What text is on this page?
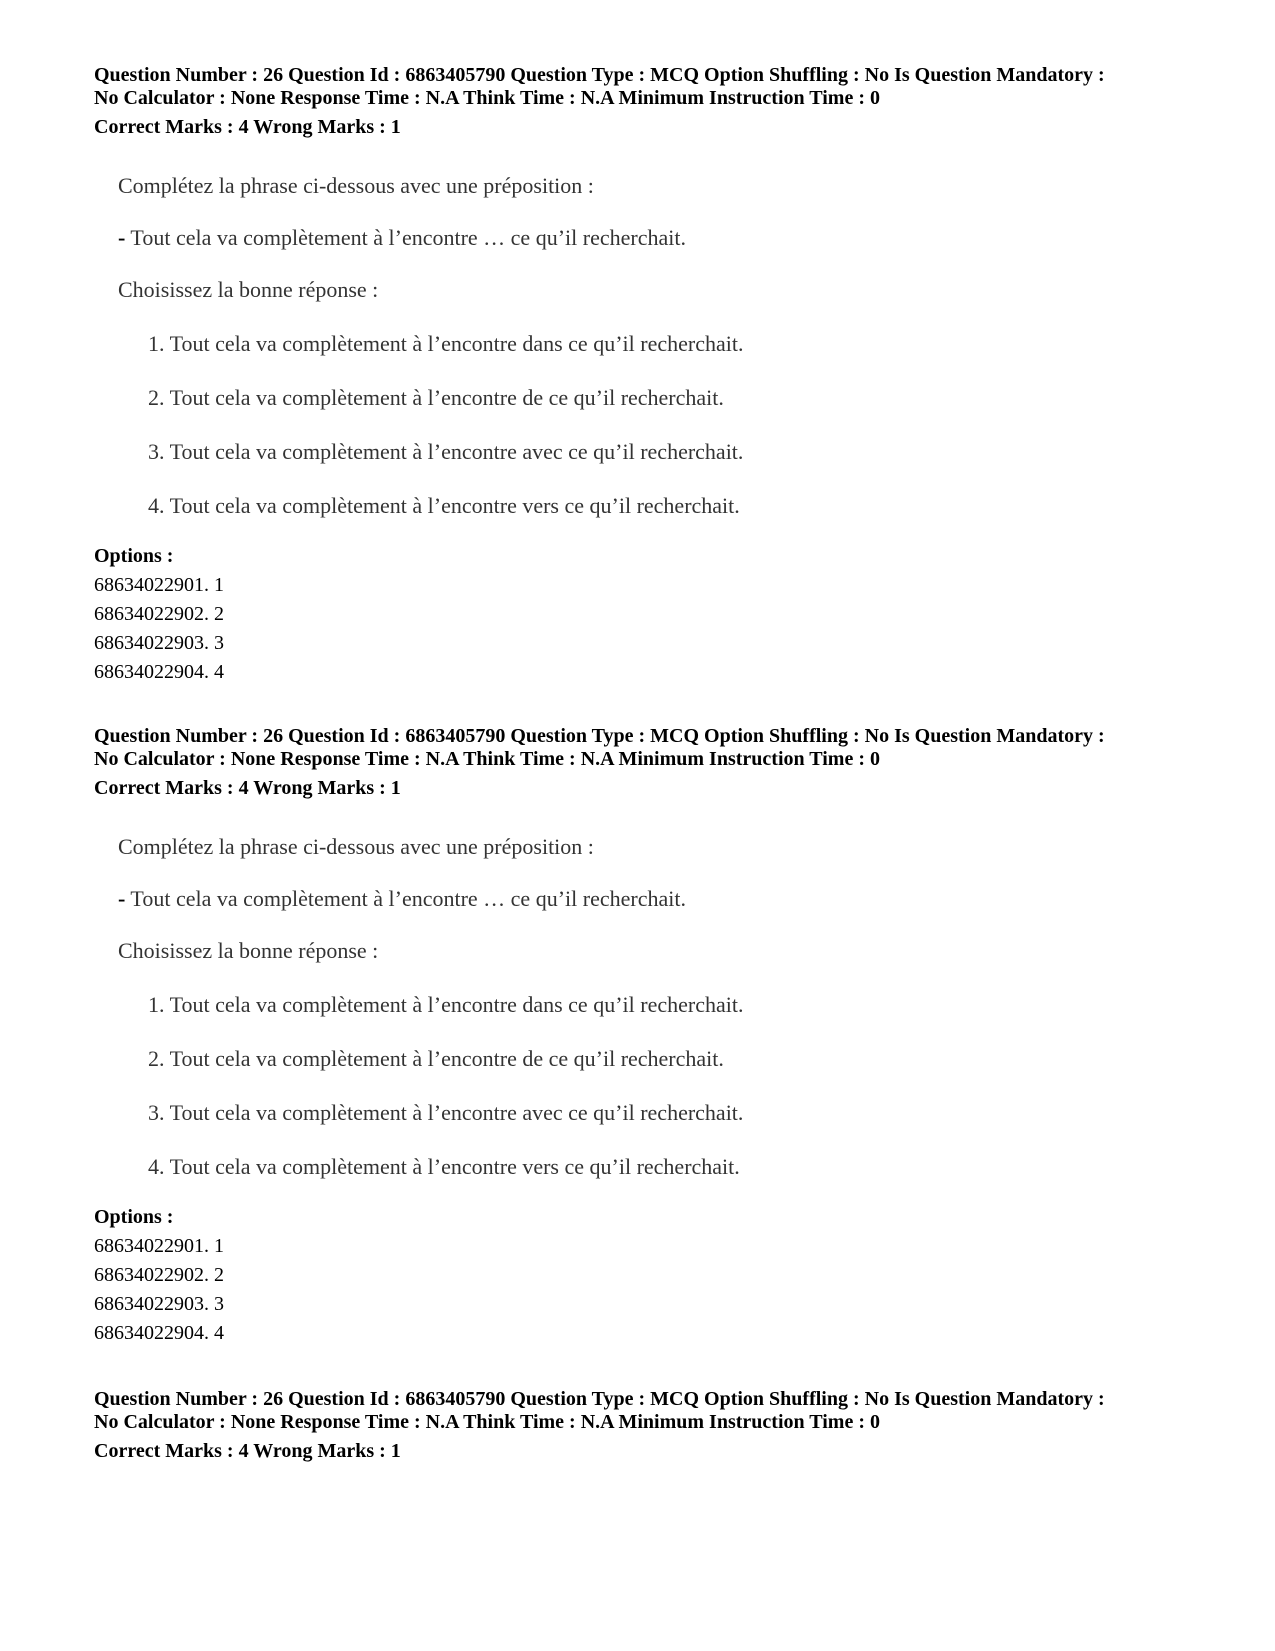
Question Number : 26 Question Id : 6863405790 Question Type : MCQ Option Shuffling : No Is Question Mandatory :

No Calculator : None Response Time : N.A Think Time : N.A Minimum Instruction Time : 0

Correct Marks : 4 Wrong Marks : 1

Complétez la phrase ci-dessous avec une préposition :

- Tout cela va complètement à l’encontre … ce qu’il recherchait.

Choisissez la bonne réponse :

1. Tout cela va complètement à l’encontre dans ce qu’il recherchait.

2. Tout cela va complètement à l’encontre de ce qu’il recherchait.

3. Tout cela va complètement à l’encontre avec ce qu’il recherchait.

4. Tout cela va complètement à l’encontre vers ce qu’il recherchait.

Options :

68634022901. 1

68634022902. 2

68634022903. 3

68634022904. 4

Question Number : 26 Question Id : 6863405790 Question Type : MCQ Option Shuffling : No Is Question Mandatory :

No Calculator : None Response Time : N.A Think Time : N.A Minimum Instruction Time : 0

Correct Marks : 4 Wrong Marks : 1

Complétez la phrase ci-dessous avec une préposition :

- Tout cela va complètement à l’encontre … ce qu’il recherchait.

Choisissez la bonne réponse :

1. Tout cela va complètement à l’encontre dans ce qu’il recherchait.

2. Tout cela va complètement à l’encontre de ce qu’il recherchait.

3. Tout cela va complètement à l’encontre avec ce qu’il recherchait.

4. Tout cela va complètement à l’encontre vers ce qu’il recherchait.

Options :

68634022901. 1

68634022902. 2

68634022903. 3

68634022904. 4

Question Number : 26 Question Id : 6863405790 Question Type : MCQ Option Shuffling : No Is Question Mandatory :

No Calculator : None Response Time : N.A Think Time : N.A Minimum Instruction Time : 0

Correct Marks : 4 Wrong Marks : 1
